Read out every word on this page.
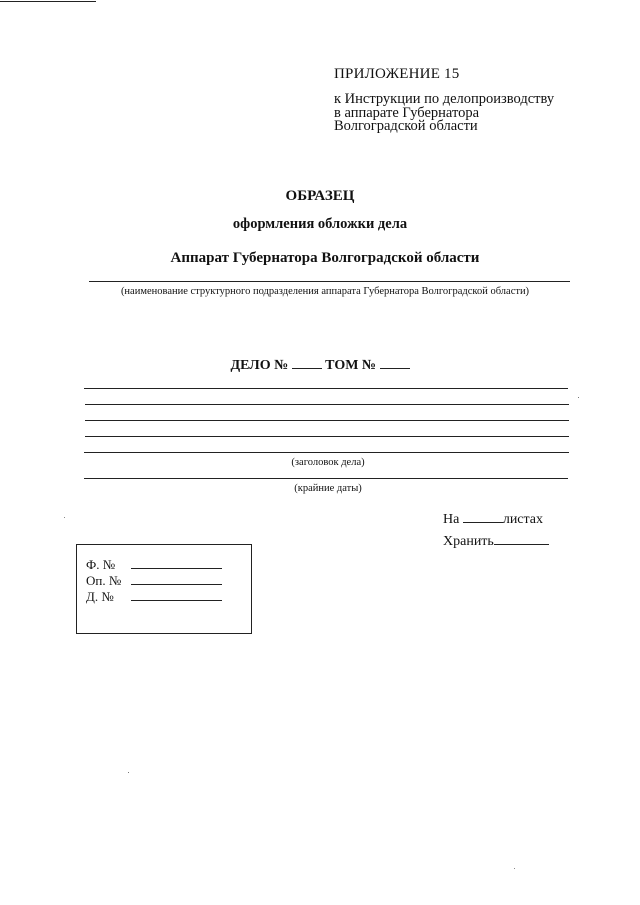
ПРИЛОЖЕНИЕ 15
к Инструкции по делопроизводству
в аппарате Губернатора
Волгоградской области
ОБРАЗЕЦ
оформления обложки дела
Аппарат Губернатора Волгоградской области
(наименование структурного подразделения аппарата Губернатора Волгоградской области)
ДЕЛО №	ТОМ №
(заголовок дела)
(крайние даты)
На	листах
Хранить
Ф. №
Оп. №
Д. №
